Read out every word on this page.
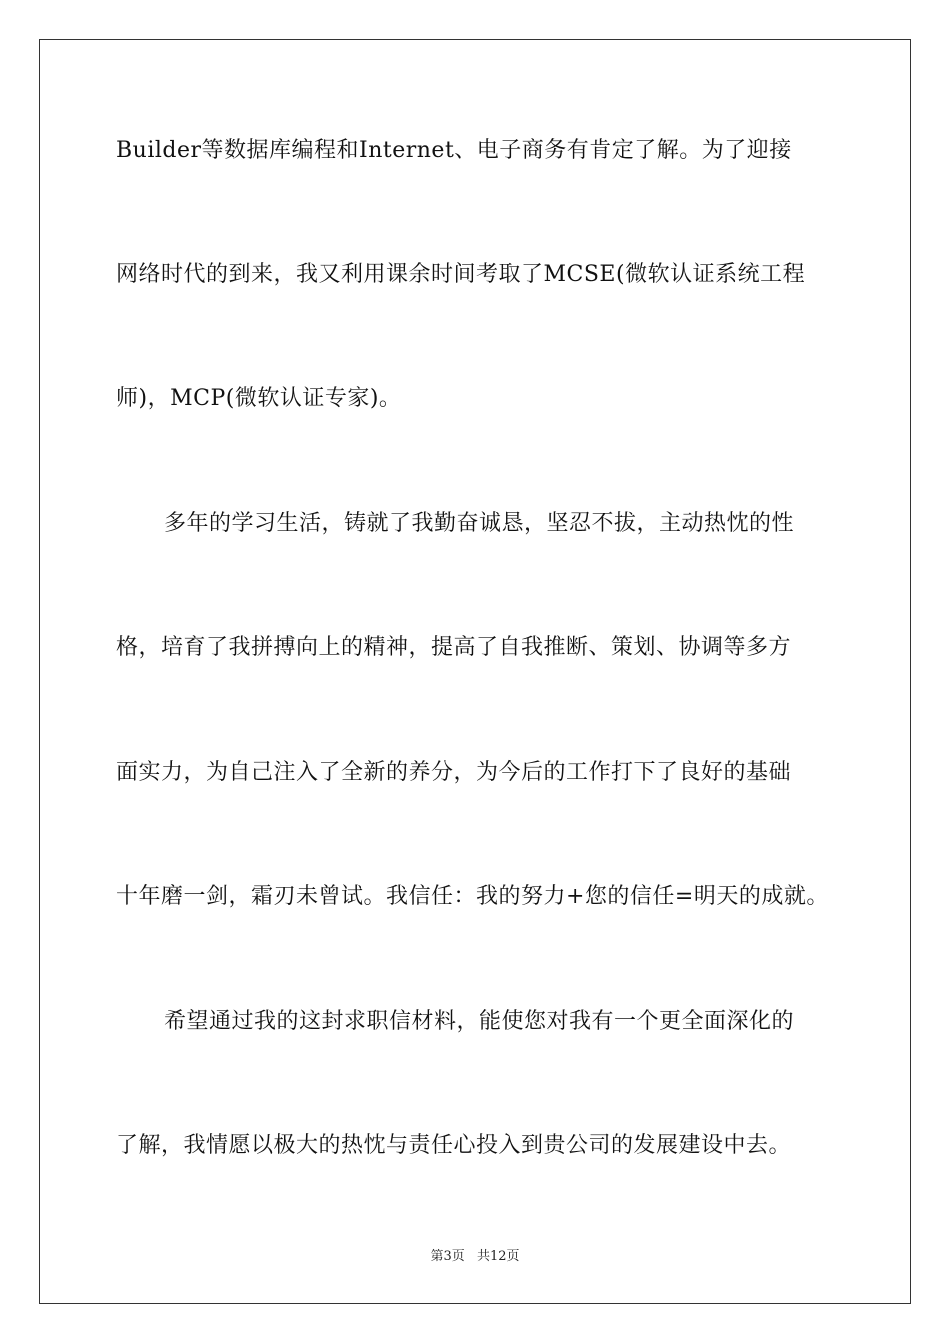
Builder等数据库编程和Internet、电子商务有肯定了解。为了迎接
网络时代的到来，我又利用课余时间考取了MCSE(微软认证系统工程
师)，MCP(微软认证专家)。
多年的学习生活，铸就了我勤奋诚恳，坚忍不拔，主动热忱的性
格，培育了我拼搏向上的精神，提高了自我推断、策划、协调等多方
面实力，为自己注入了全新的养分，为今后的工作打下了良好的基础
十年磨一剑，霜刃未曾试。我信任：我的努力+您的信任=明天的成就。
希望通过我的这封求职信材料，能使您对我有一个更全面深化的
了解，我情愿以极大的热忱与责任心投入到贵公司的发展建设中去。
第3页 共12页
